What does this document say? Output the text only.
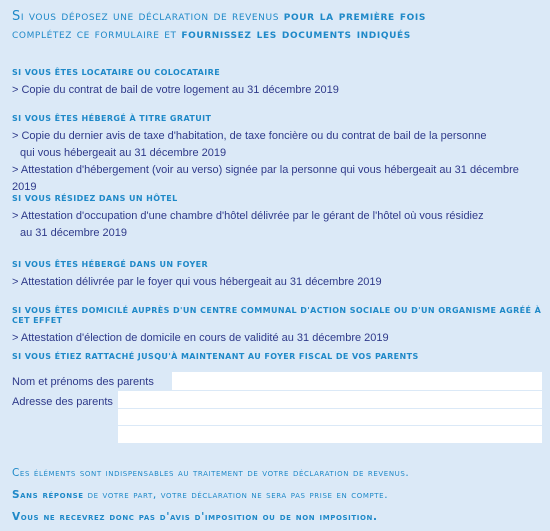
Si vous déposez une déclaration de revenus pour la première fois
complétez ce formulaire et fournissez les documents indiqués
SI VOUS ÊTES LOCATAIRE OU COLOCATAIRE
> Copie du contrat de bail de votre logement au 31 décembre 2019
SI VOUS ÊTES HÉBERGÉ À TITRE GRATUIT
> Copie du dernier avis de taxe d'habitation, de taxe foncière ou du contrat de bail de la personne
qui vous hébergeait au 31 décembre 2019
> Attestation d'hébergement (voir au verso) signée par la personne qui vous hébergeait au 31 décembre 2019
SI VOUS RÉSIDEZ DANS UN HÔTEL
> Attestation d'occupation d'une chambre d'hôtel délivrée par le gérant de l'hôtel où vous résidiez
au 31 décembre 2019
SI VOUS ÊTES HÉBERGÉ DANS UN FOYER
> Attestation délivrée par le foyer qui vous hébergeait au 31 décembre 2019
SI VOUS ÊTES DOMICILÉ AUPRÈS D'UN CENTRE COMMUNAL D'ACTION SOCIALE OU D'UN ORGANISME AGRÉÉ À CET EFFET
> Attestation d'élection de domicile en cours de validité au 31 décembre 2019
SI VOUS ÉTIEZ RATTACHÉ JUSQU'À MAINTENANT AU FOYER FISCAL DE VOS PARENTS
Nom et prénoms des parents
Adresse des parents
Ces éléments sont indispensables au traitement de votre déclaration de revenus.
Sans réponse de votre part, votre déclaration ne sera pas prise en compte.
Vous ne recevrez donc pas d'avis d'imposition ou de non imposition.
